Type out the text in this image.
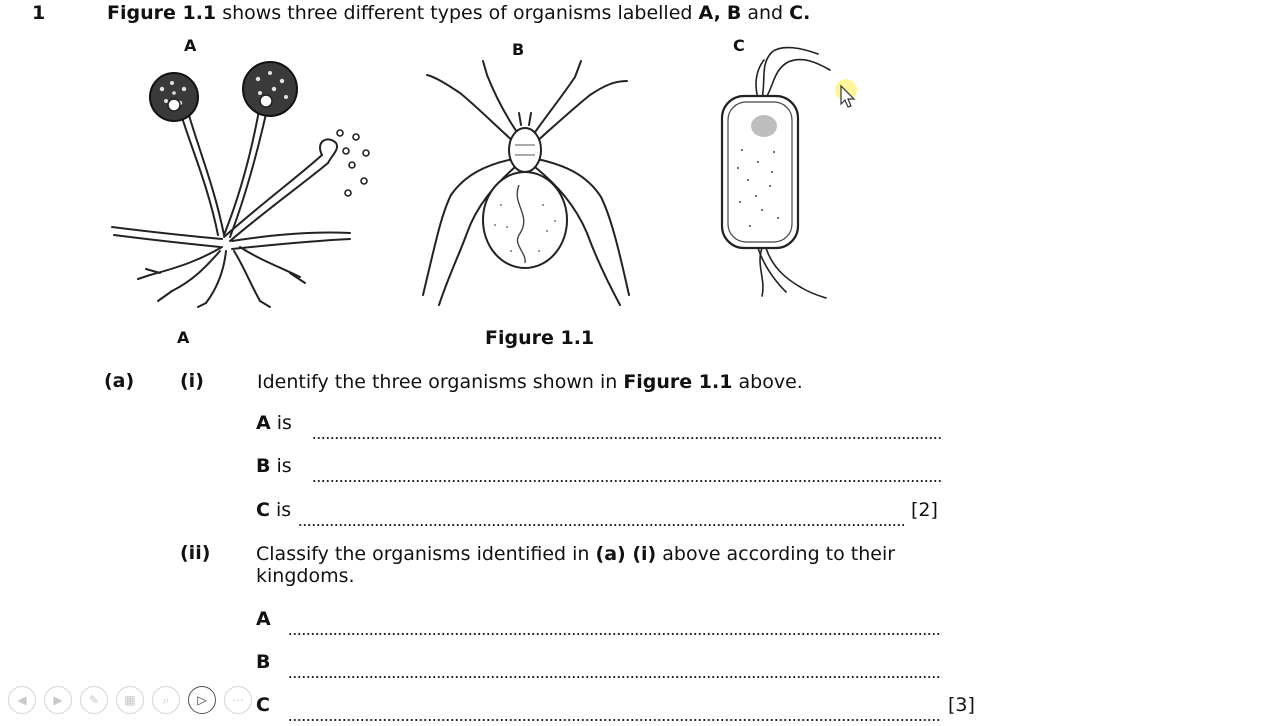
1	Figure 1.1 shows three different types of organisms labelled A, B and C.
A	B	C
A	Figure 1.1
(a) (i)	Identify the three organisms shown in Figure 1.1 above.
A is
B is
C is	[2]
(ii) Classify the organisms identified in (a) (i) above according to their
kingdoms.
A
B
C	[3]
◀	▶	✎	▦	⌕	▷	⋯
